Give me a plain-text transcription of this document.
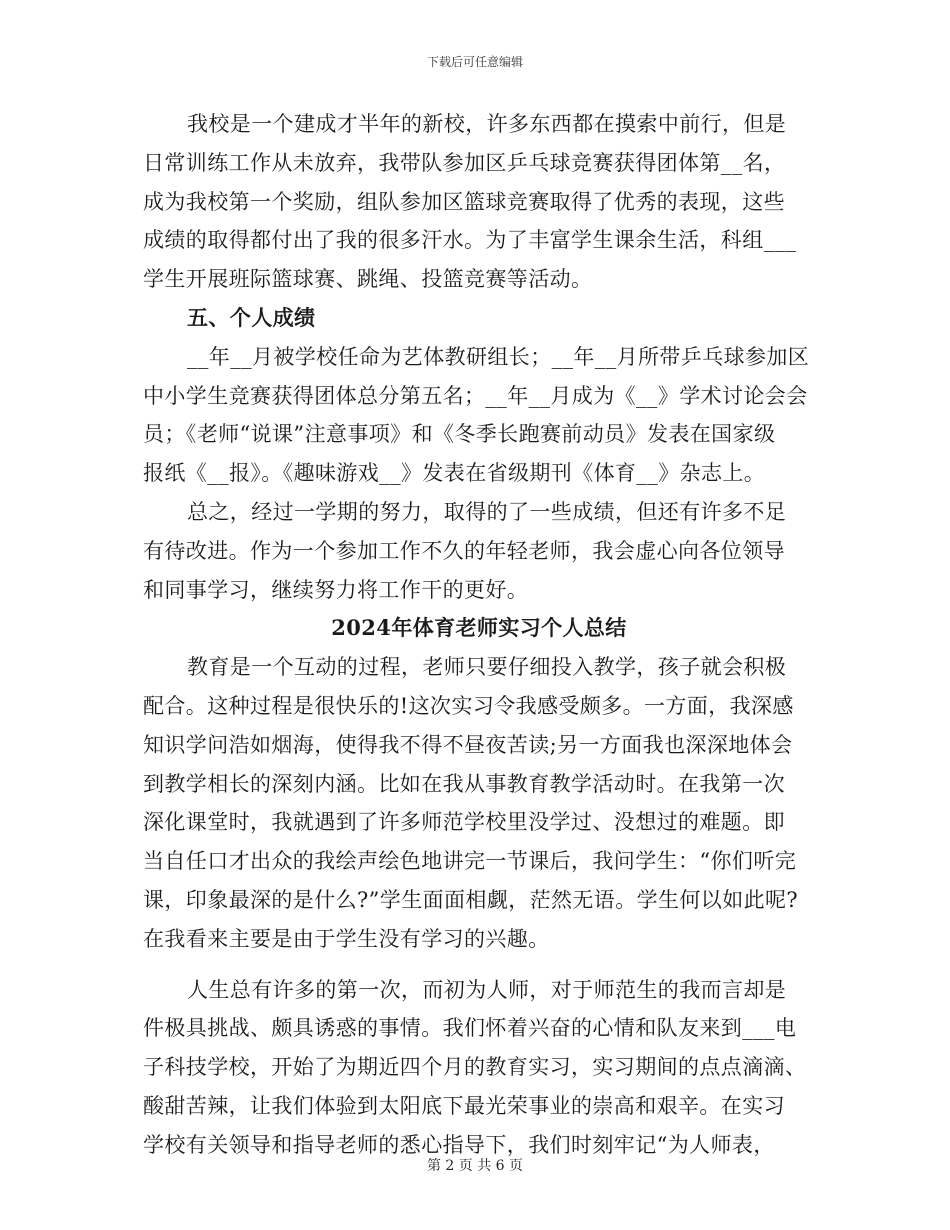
下载后可任意编辑
我校是一个建成才半年的新校，许多东西都在摸索中前行，但是
日常训练工作从未放弃，我带队参加区乒乓球竞赛获得团体第__名，
成为我校第一个奖励，组队参加区篮球竞赛取得了优秀的表现，这些
成绩的取得都付出了我的很多汗水。为了丰富学生课余生活，科组___
学生开展班际篮球赛、跳绳、投篮竞赛等活动。
五、个人成绩
__年__月被学校任命为艺体教研组长；__年__月所带乒乓球参加区
中小学生竞赛获得团体总分第五名；__年__月成为《__》学术讨论会会
员；《老师“说课”注意事项》和《冬季长跑赛前动员》发表在国家级
报纸《__报》。《趣味游戏__》发表在省级期刊《体育__》杂志上。
总之，经过一学期的努力，取得的了一些成绩，但还有许多不足
有待改进。作为一个参加工作不久的年轻老师，我会虚心向各位领导
和同事学习，继续努力将工作干的更好。
2024年体育老师实习个人总结
教育是一个互动的过程，老师只要仔细投入教学，孩子就会积极
配合。这种过程是很快乐的!这次实习令我感受颇多。一方面，我深感
知识学问浩如烟海，使得我不得不昼夜苦读;另一方面我也深深地体会
到教学相长的深刻内涵。比如在我从事教育教学活动时。在我第一次
深化课堂时，我就遇到了许多师范学校里没学过、没想过的难题。即
当自任口才出众的我绘声绘色地讲完一节课后，我问学生：“你们听完
课，印象最深的是什么?”学生面面相觑，茫然无语。学生何以如此呢?
在我看来主要是由于学生没有学习的兴趣。
人生总有许多的第一次，而初为人师，对于师范生的我而言却是
件极具挑战、颇具诱惑的事情。我们怀着兴奋的心情和队友来到___电
子科技学校，开始了为期近四个月的教育实习，实习期间的点点滴滴、
酸甜苦辣，让我们体验到太阳底下最光荣事业的崇高和艰辛。在实习
学校有关领导和指导老师的悉心指导下，我们时刻牢记“为人师表，
第 2 页 共 6 页
